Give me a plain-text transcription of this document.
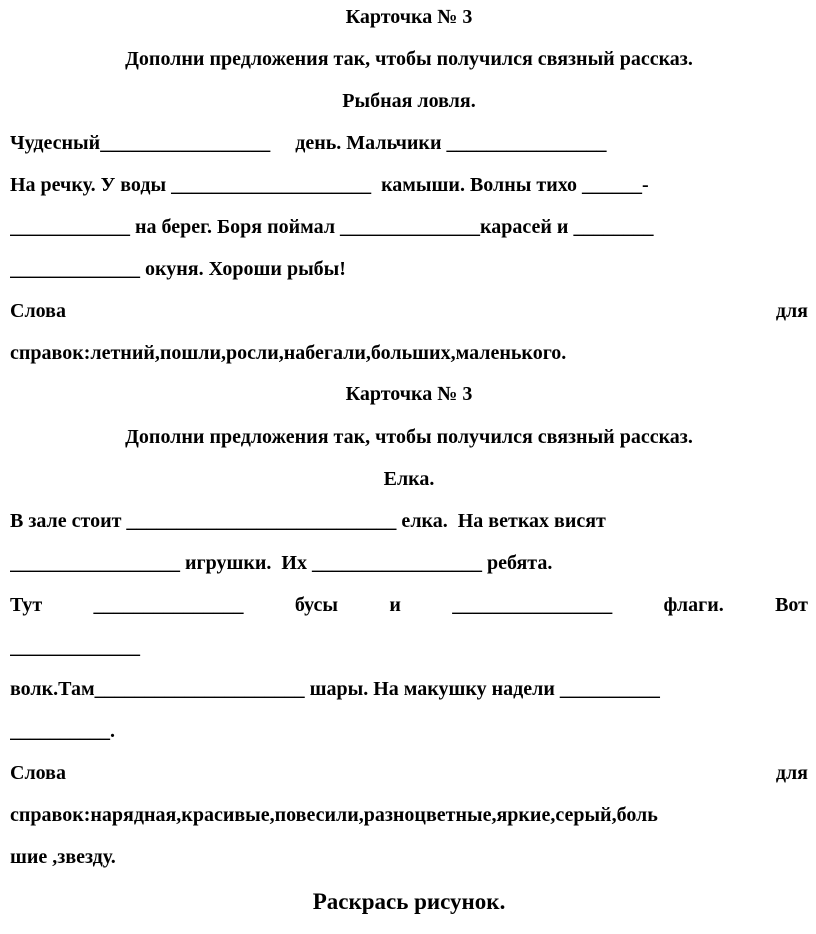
Карточка № 3
Дополни предложения так, чтобы получился связный рассказ.
Рыбная ловля.
Чудесный_________________     день. Мальчики ________________
На речку. У воды ____________________  камыши. Волны тихо ______-
____________ на берег. Боря поймал ______________карасей и ________
_____________ окуня. Хороши рыбы!
Слова	для
справок:летний,пошли,росли,набегали,больших,маленького.
Карточка № 3
Дополни предложения так, чтобы получился связный рассказ.
Елка.
В зале стоит ___________________________ елка.  На ветках висят
_________________ игрушки.  Их _________________ ребята.
Тут	_______________	бусы	и	________________	флаги.	Вот
_____________
волк.Там_____________________ шары. На макушку надели __________
__________.
Слова	для
справок:нарядная,красивые,повесили,разноцветные,яркие,серый,боль
шие ,звезду.
Раскрась рисунок.
